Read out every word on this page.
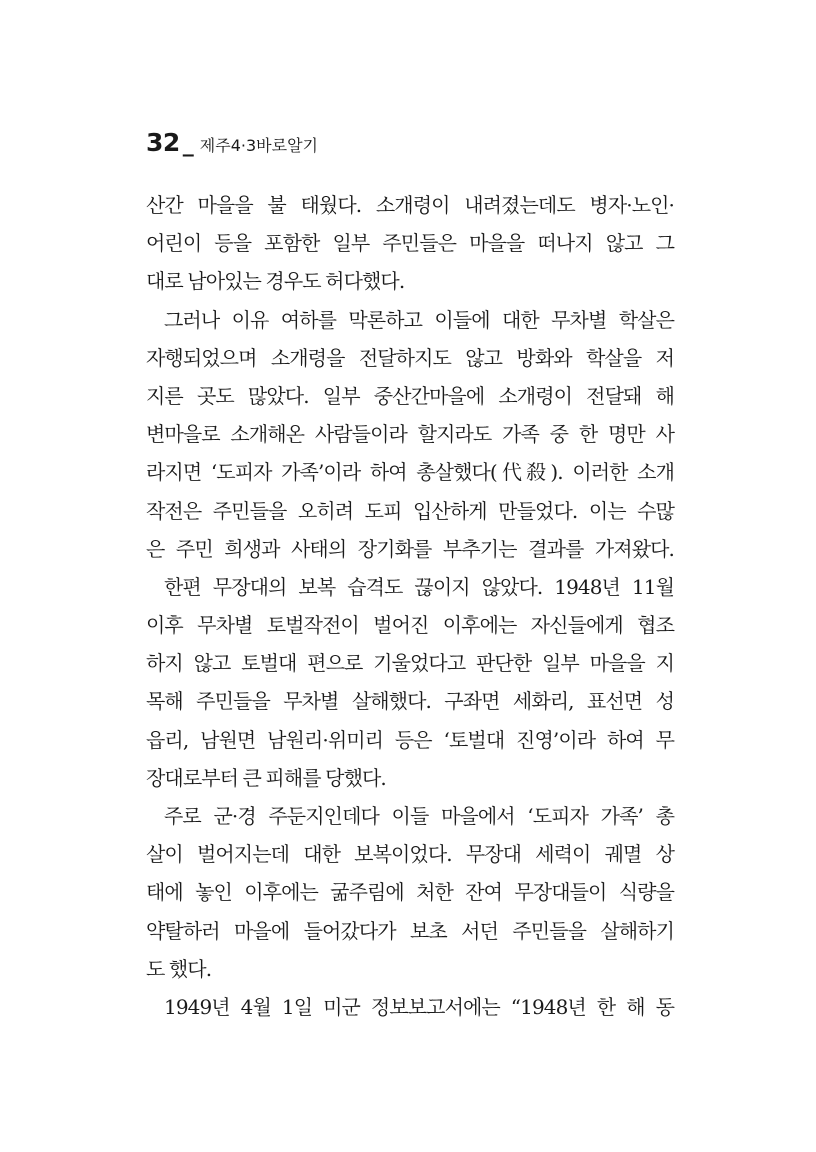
32 _ 제주4·3바로알기
산간 마을을 불 태웠다. 소개령이 내려졌는데도 병자·노인·
어린이 등을 포함한 일부 주민들은 마을을 떠나지 않고 그
대로 남아있는 경우도 허다했다.
그러나 이유 여하를 막론하고 이들에 대한 무차별 학살은
자행되었으며 소개령을 전달하지도 않고 방화와 학살을 저
지른 곳도 많았다. 일부 중산간마을에 소개령이 전달돼 해
변마을로 소개해온 사람들이라 할지라도 가족 중 한 명만 사
라지면 ‘도피자 가족’이라 하여 총살했다(代殺). 이러한 소개
작전은 주민들을 오히려 도피 입산하게 만들었다. 이는 수많
은 주민 희생과 사태의 장기화를 부추기는 결과를 가져왔다.
한편 무장대의 보복 습격도 끊이지 않았다. 1948년 11월
이후 무차별 토벌작전이 벌어진 이후에는 자신들에게 협조
하지 않고 토벌대 편으로 기울었다고 판단한 일부 마을을 지
목해 주민들을 무차별 살해했다. 구좌면 세화리, 표선면 성
읍리, 남원면 남원리·위미리 등은 ‘토벌대 진영’이라 하여 무
장대로부터 큰 피해를 당했다.
주로 군·경 주둔지인데다 이들 마을에서 ‘도피자 가족’ 총
살이 벌어지는데 대한 보복이었다. 무장대 세력이 궤멸 상
태에 놓인 이후에는 굶주림에 처한 잔여 무장대들이 식량을
약탈하러 마을에 들어갔다가 보초 서던 주민들을 살해하기
도 했다.
1949년 4월 1일 미군 정보보고서에는 “1948년 한 해 동
